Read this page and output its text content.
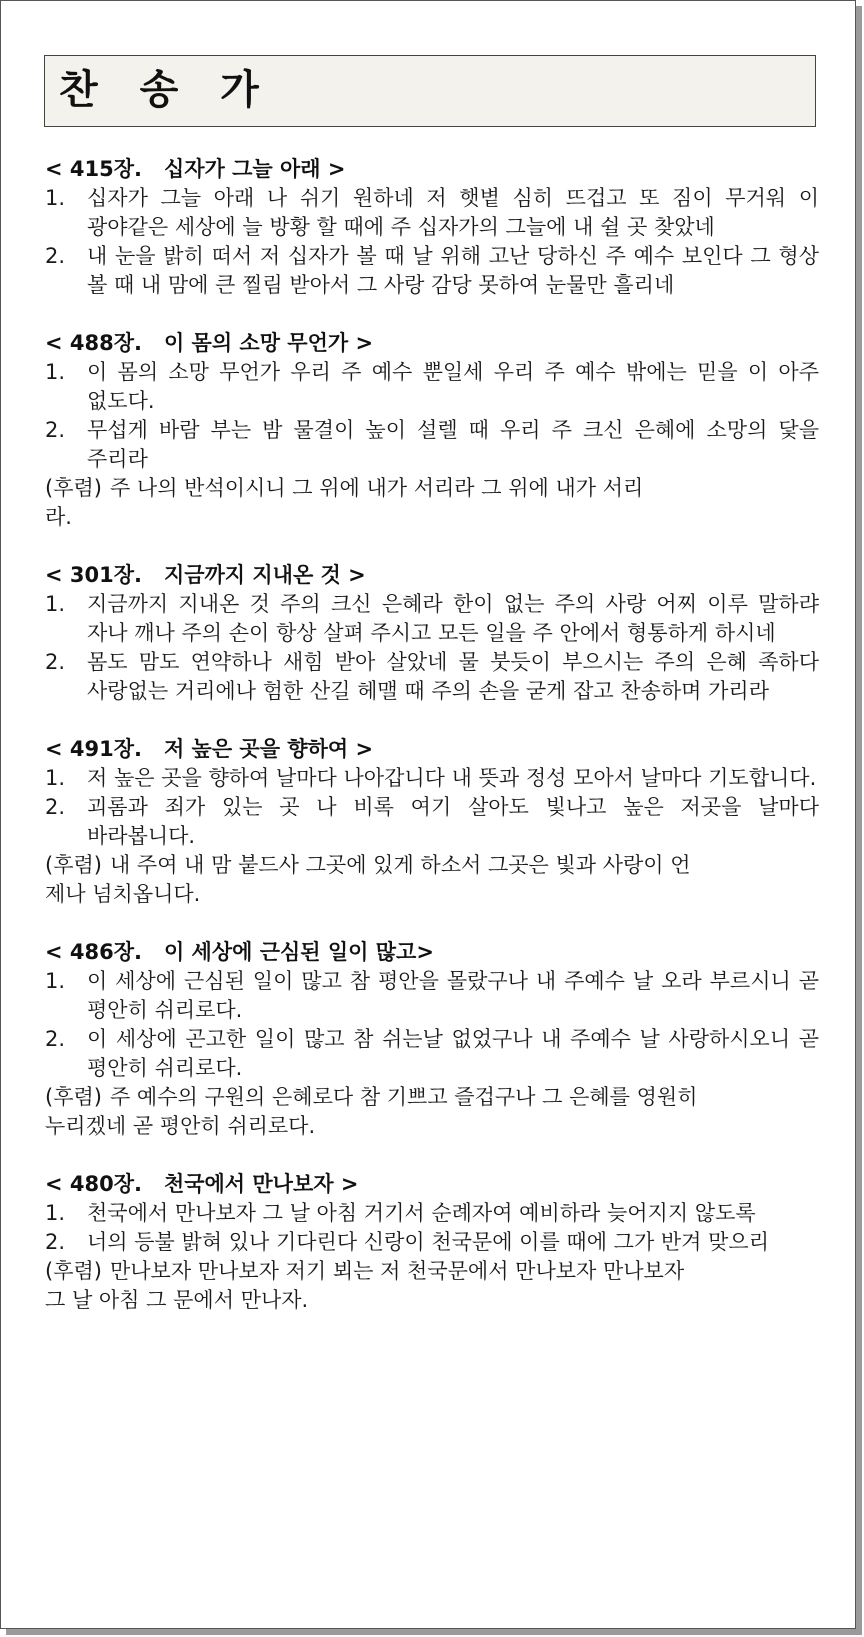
찬 송 가
< 415장.   십자가 그늘 아래 >
1.	십자가 그늘 아래 나 쉬기 원하네 저 햇볕 심히 뜨겁고 또 짐이 무거워 이 광야같은 세상에 늘 방황 할 때에 주 십자가의 그늘에 내 쉴 곳 찾았네
2.	내 눈을 밝히 떠서 저 십자가 볼 때 날 위해 고난 당하신 주 예수 보인다 그 형상 볼 때 내 맘에 큰 찔림 받아서 그 사랑 감당 못하여 눈물만 흘리네
< 488장.   이 몸의 소망 무언가 >
1.	이 몸의 소망 무언가 우리 주 예수 뿐일세 우리 주 예수 밖에는 믿을 이 아주 없도다.
2.	무섭게 바람 부는 밤 물결이 높이 설렐 때 우리 주 크신 은혜에 소망의 닻을 주리라
(후렴) 주 나의 반석이시니 그 위에 내가 서리라 그 위에 내가 서리
라.
< 301장.   지금까지 지내온 것 >
1.	지금까지 지내온 것 주의 크신 은혜라 한이 없는 주의 사랑 어찌 이루 말하랴 자나 깨나 주의 손이 항상 살펴 주시고 모든 일을 주 안에서 형통하게 하시네
2.	몸도 맘도 연약하나 새힘 받아 살았네 물 붓듯이 부으시는 주의 은혜 족하다 사랑없는 거리에나 험한 산길 헤맬 때 주의 손을 굳게 잡고 찬송하며 가리라
< 491장.   저 높은 곳을 향하여 >
1.	저 높은 곳을 향하여 날마다 나아갑니다 내 뜻과 정성 모아서 날마다 기도합니다.
2.	괴롬과 죄가 있는 곳 나 비록 여기 살아도 빛나고 높은 저곳을 날마다 바라봅니다.
(후렴) 내 주여 내 맘 붙드사 그곳에 있게 하소서 그곳은 빛과 사랑이 언
제나 넘치옵니다.
< 486장.   이 세상에 근심된 일이 많고>
1.	이 세상에 근심된 일이 많고 참 평안을 몰랐구나 내 주예수 날 오라 부르시니 곧 평안히 쉬리로다.
2.	이 세상에 곤고한 일이 많고 참 쉬는날 없었구나 내 주예수 날 사랑하시오니 곧 평안히 쉬리로다.
(후렴) 주 예수의 구원의 은혜로다 참 기쁘고 즐겁구나 그 은혜를 영원히
누리겠네 곧 평안히 쉬리로다.
< 480장.   천국에서 만나보자 >
1.	천국에서 만나보자 그 날 아침 거기서 순례자여 예비하라 늦어지지 않도록
2.	너의 등불 밝혀 있나 기다린다 신랑이 천국문에 이를 때에 그가 반겨 맞으리
(후렴) 만나보자 만나보자 저기 뵈는 저 천국문에서 만나보자 만나보자
그 날 아침 그 문에서 만나자.
